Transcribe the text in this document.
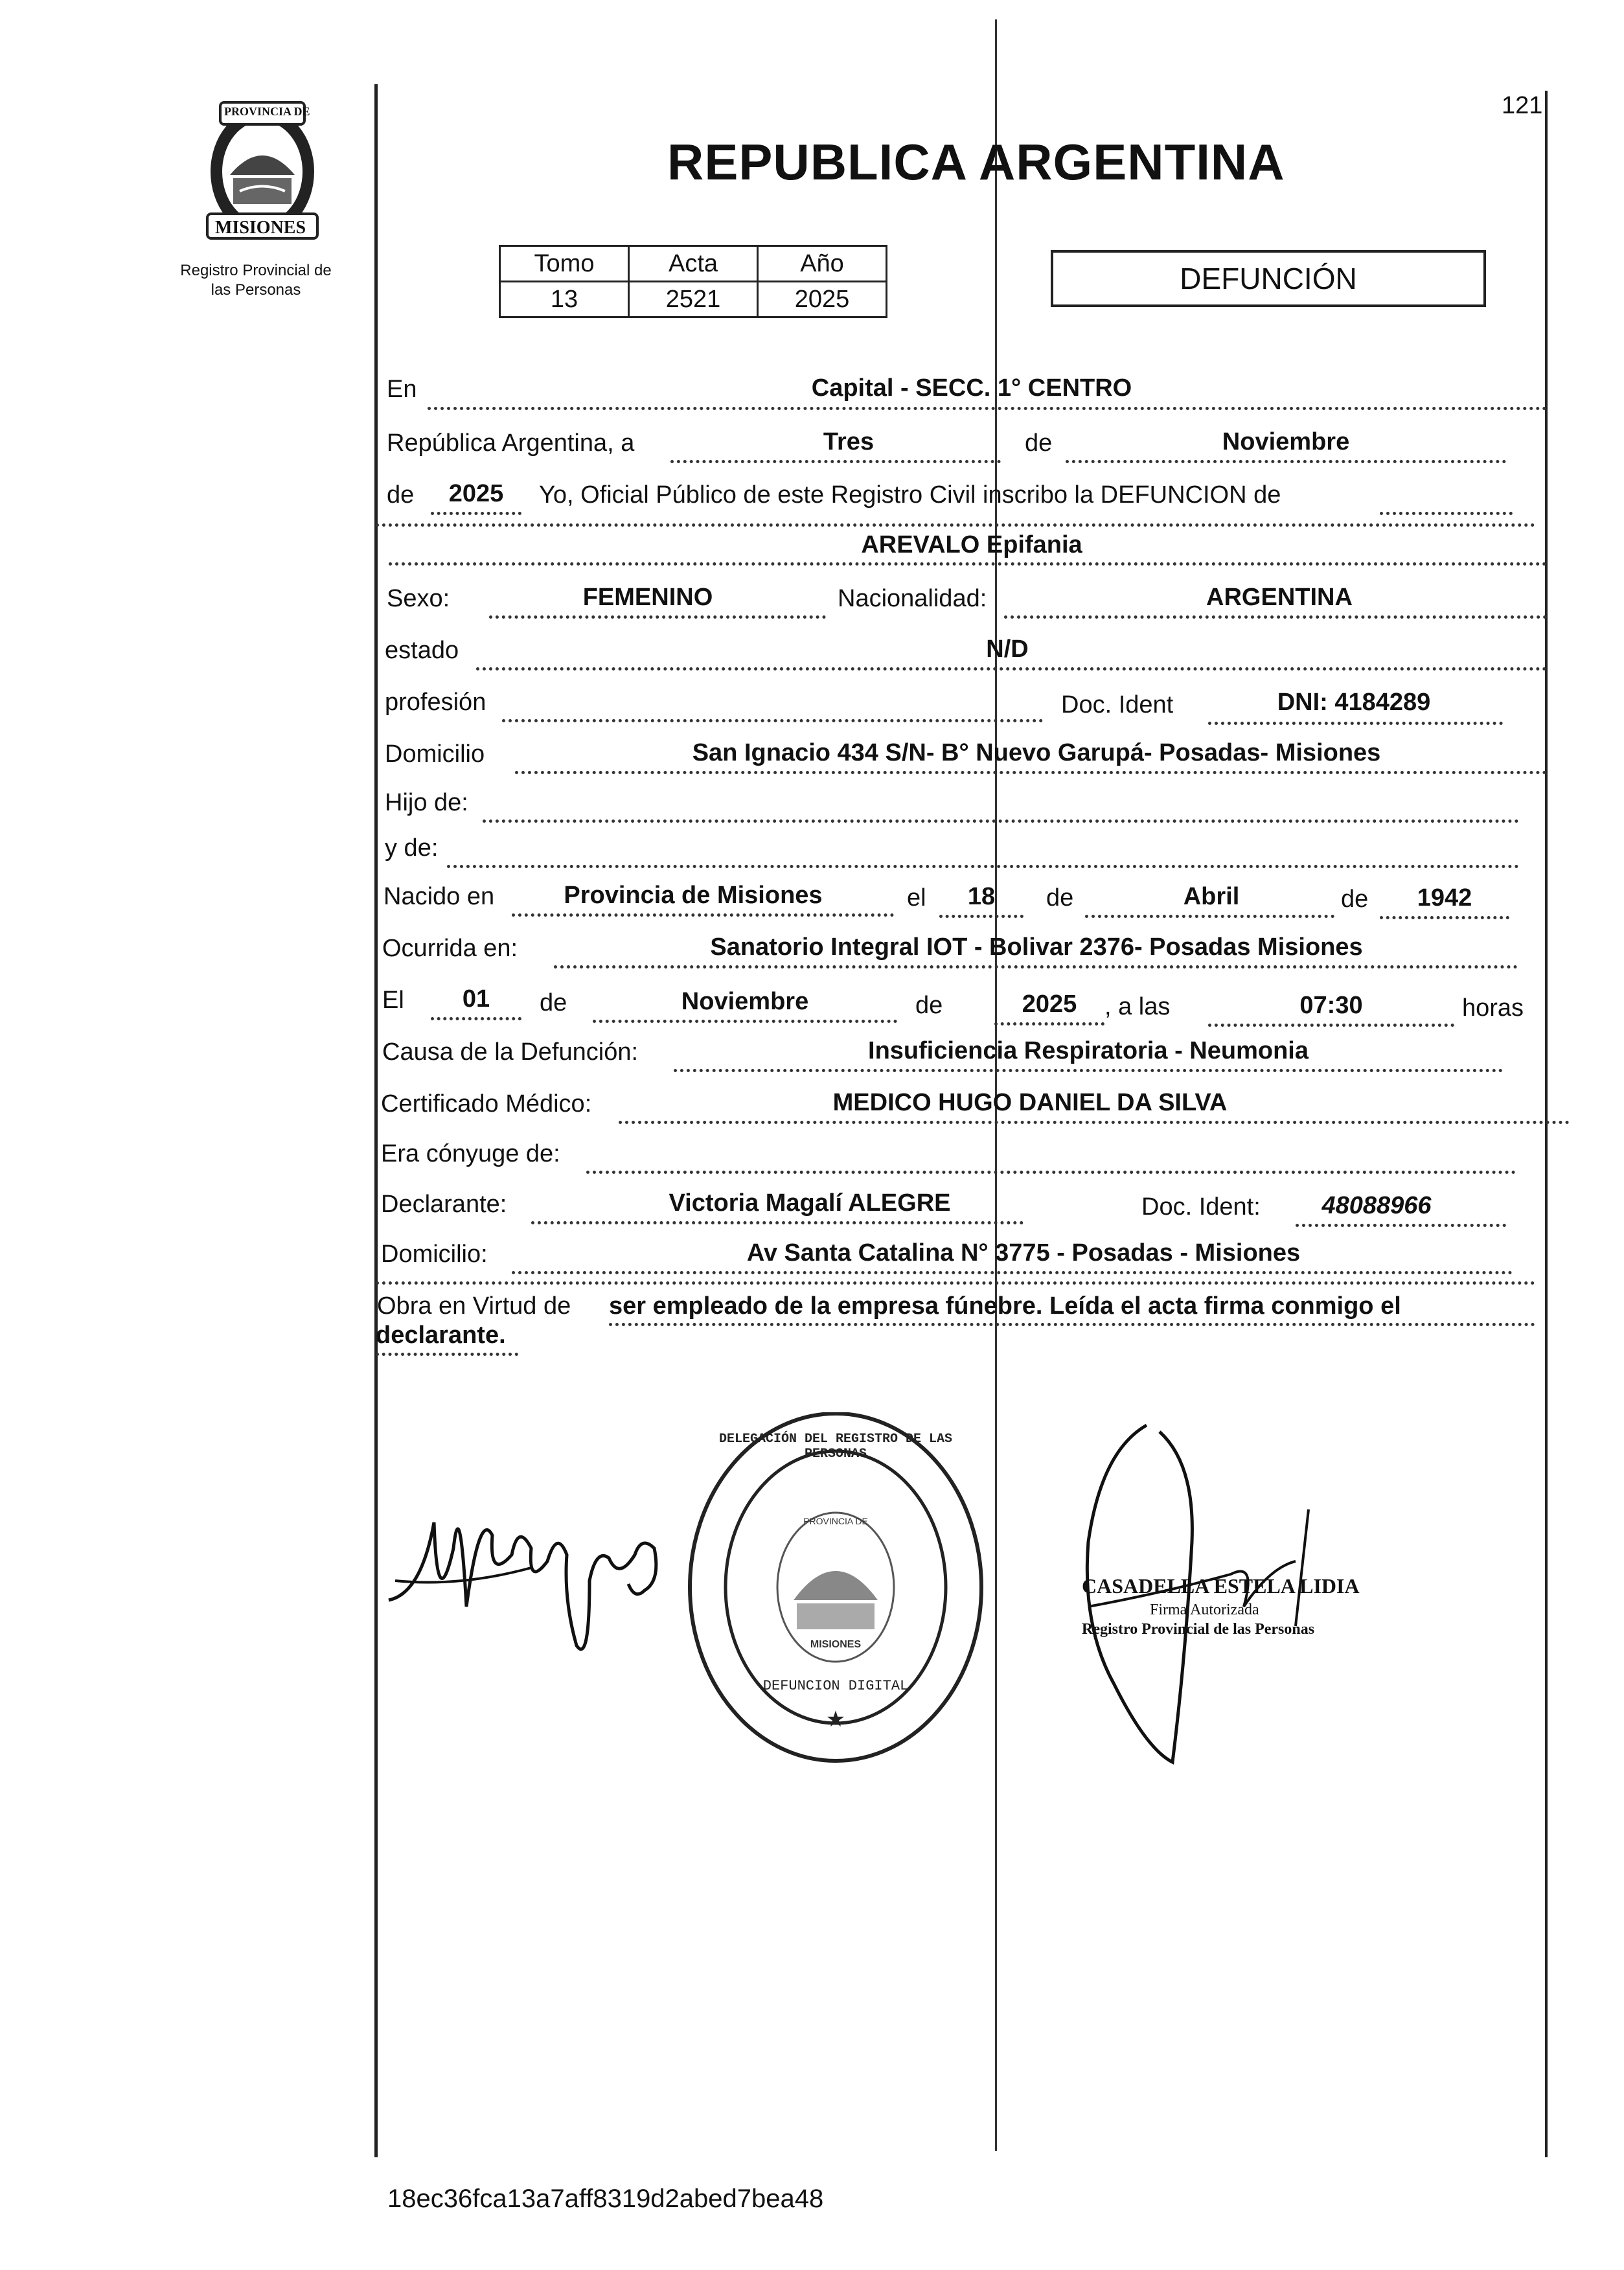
PROVINCIA DE
MISIONES
Registro Provincial de
las Personas
121
REPUBLICA ARGENTINA
Tomo	Acta	Año
13	2521	2025
DEFUNCIÓN
En	Capital - SECC. 1° CENTRO
República Argentina, a	Tres	de	Noviembre
de	2025	Yo, Oficial Público de este Registro Civil inscribo la DEFUNCION de
AREVALO Epifania
Sexo:	FEMENINO	Nacionalidad:	ARGENTINA
estado	N/D
profesión	Doc. Ident	DNI: 4184289
Domicilio	San Ignacio 434 S/N- B° Nuevo Garupá- Posadas- Misiones
Hijo de:
y de:
Nacido en	Provincia de Misiones	el	18	de	Abril	de	1942
Ocurrida en:	Sanatorio Integral IOT - Bolivar 2376- Posadas Misiones
El	01	de	Noviembre	de	2025	, a las	07:30	horas
Causa de la Defunción:	Insuficiencia Respiratoria - Neumonia
Certificado Médico:	MEDICO HUGO DANIEL DA SILVA
Era cónyuge de:
Declarante:	Victoria Magalí ALEGRE	Doc. Ident:	48088966
Domicilio:	Av Santa Catalina N° 3775 - Posadas - Misiones
Obra en Virtud de ser empleado de la empresa fúnebre. Leída el acta firma conmigo el
declarante.
★
DELEGACIÓN DEL REGISTRO DE LAS PERSONAS
DEFUNCION DIGITAL
PROVINCIA DE
MISIONES
CASADELLA ESTELA LIDIA
Firma Autorizada
Registro Provincial de las Personas
18ec36fca13a7aff8319d2abed7bea48
